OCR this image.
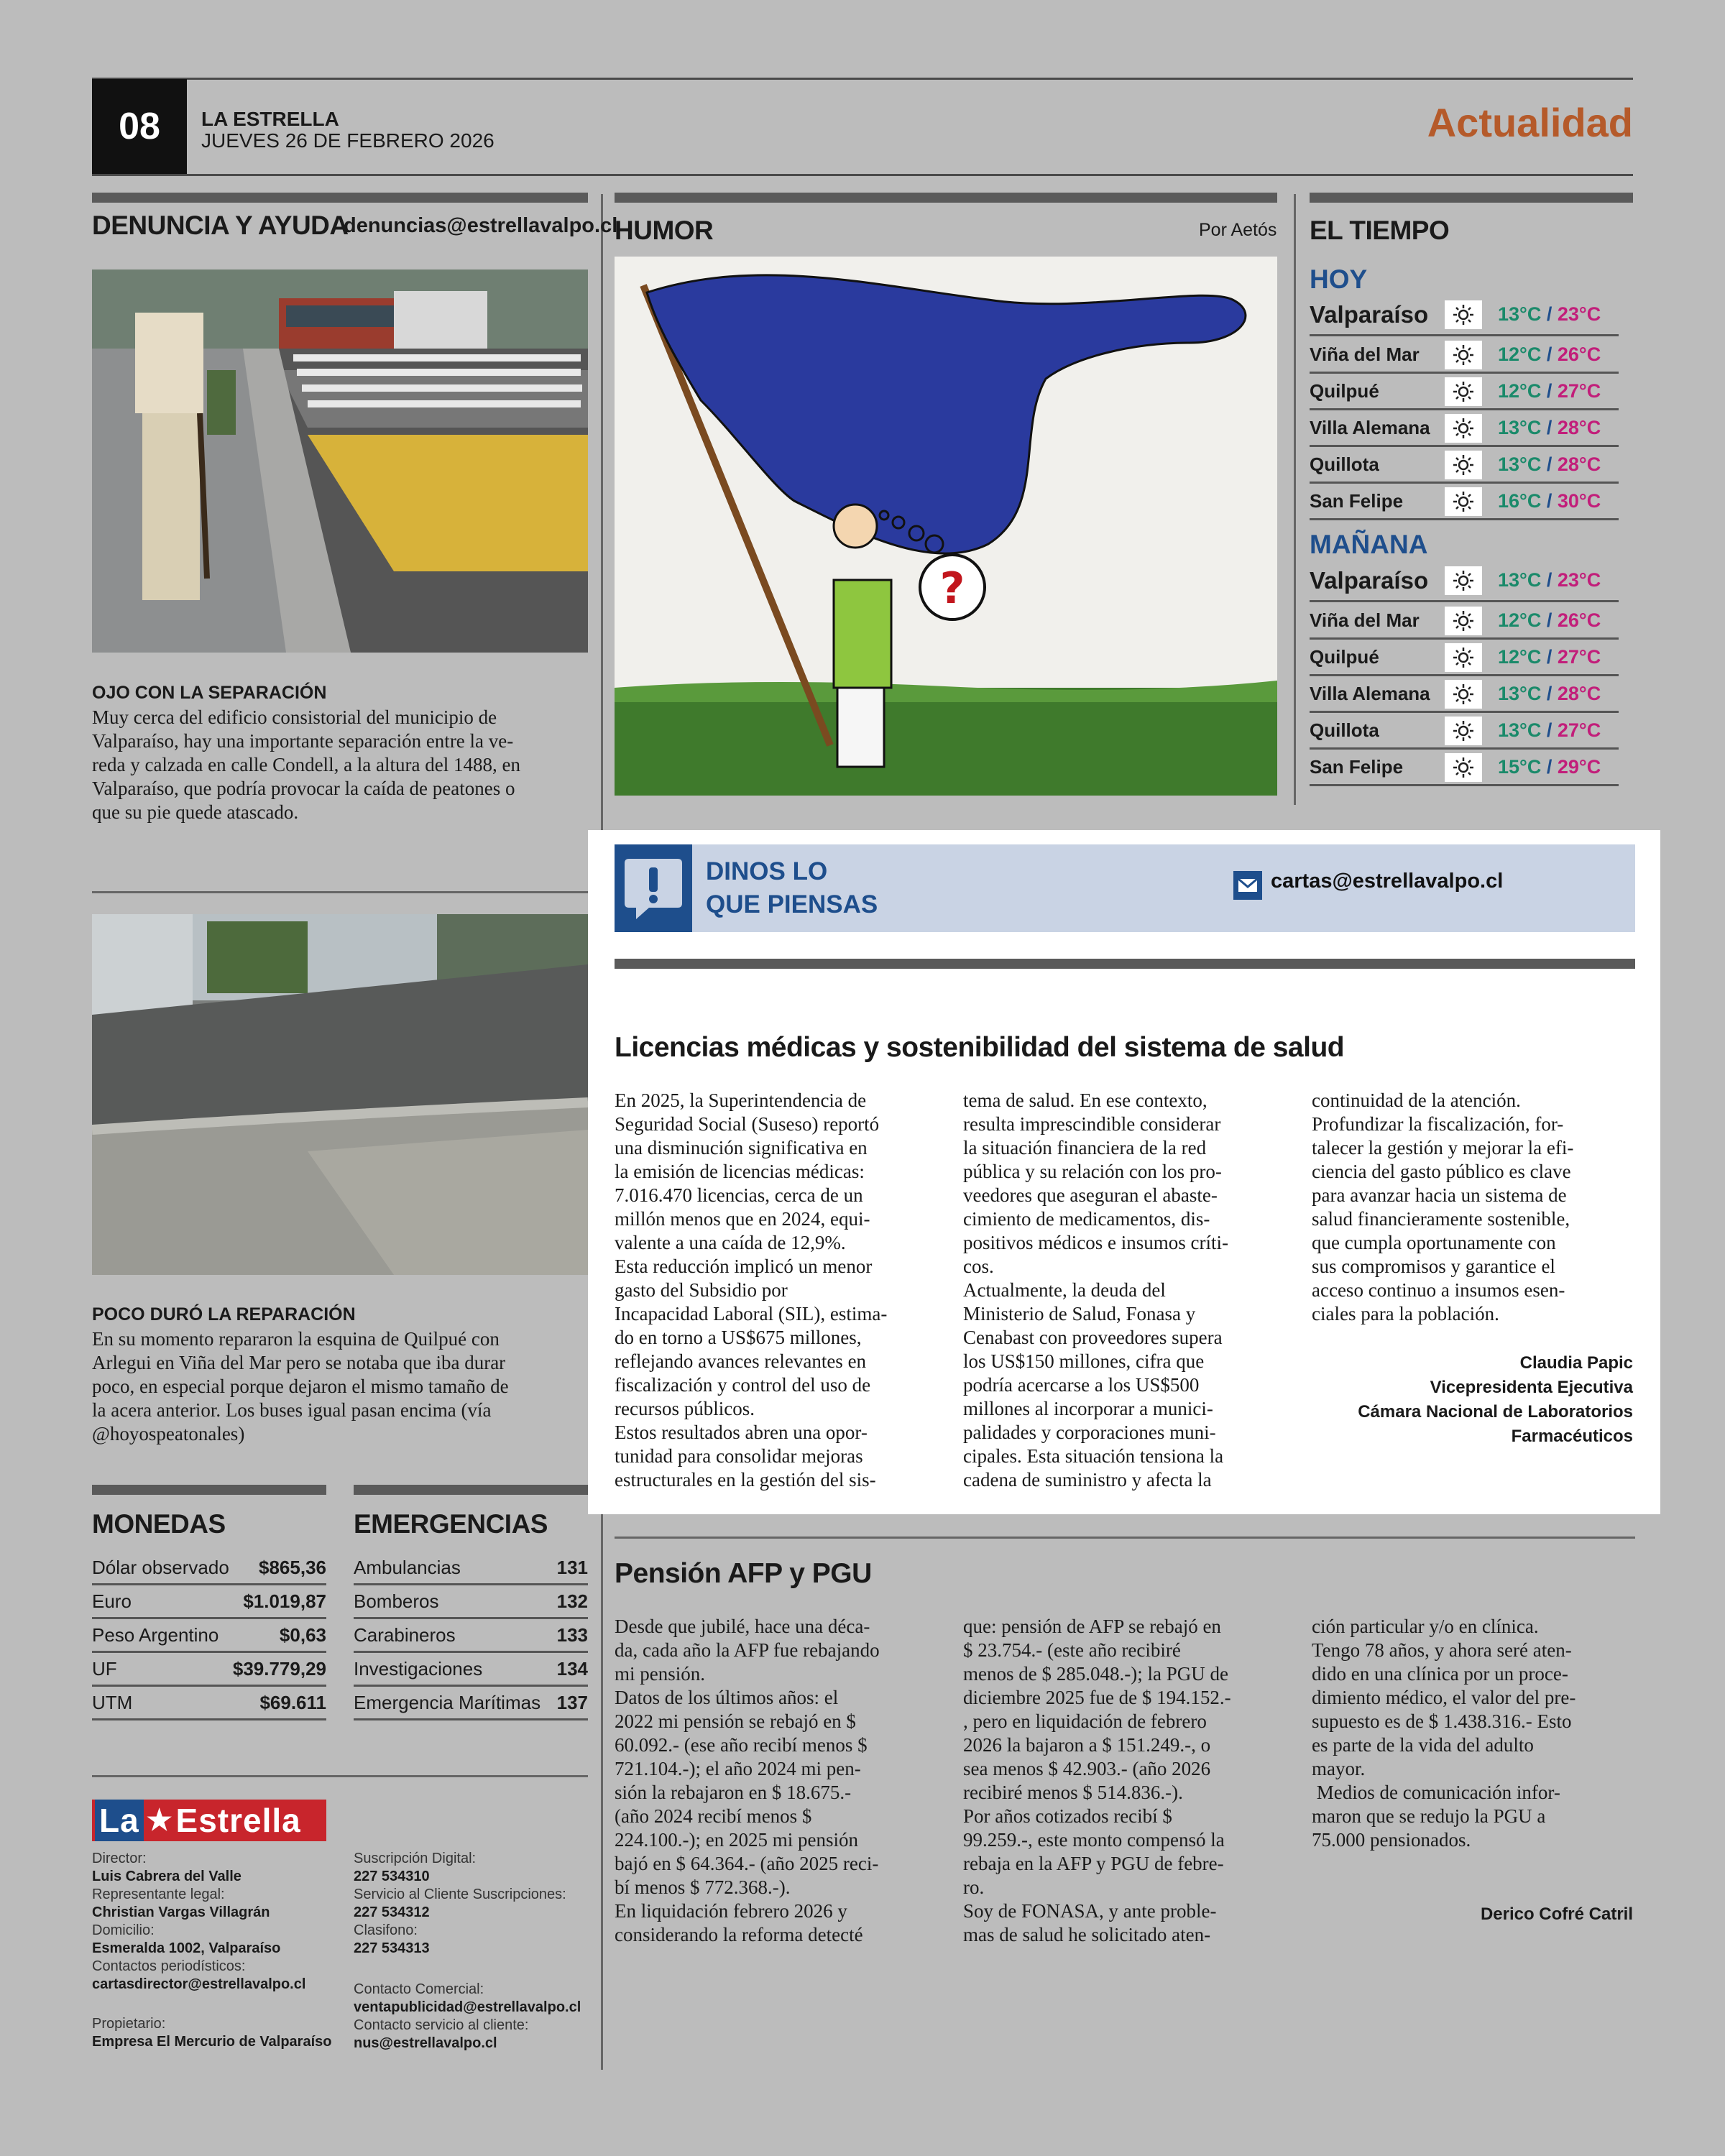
08	LA ESTRELLA
JUEVES 26 DE FEBRERO 2026	Actualidad
DENUNCIA Y AYUDA
denuncias@estrellavalpo.cl
OJO CON LA SEPARACIÓN
Muy cerca del edificio consistorial del municipio de
Valparaíso, hay una importante separación entre la ve-
reda y calzada en calle Condell, a la altura del 1488, en
Valparaíso, que podría provocar la caída de peatones o
que su pie quede atascado.
POCO DURÓ LA REPARACIÓN
En su momento repararon la esquina de Quilpué con
Arlegui en Viña del Mar pero se notaba que iba durar
poco, en especial porque dejaron el mismo tamaño de
la acera anterior. Los buses igual pasan encima (vía
@hoyospeatonales)
HUMOR	Por Aetós
?
EL TIEMPO
HOY
MAÑANA
Valparaíso	13°C / 23°C
Viña del Mar	12°C / 26°C
Quilpué	12°C / 27°C
Villa Alemana	13°C / 28°C
Quillota	13°C / 28°C
San Felipe	16°C / 30°C
Valparaíso	13°C / 23°C
Viña del Mar	12°C / 26°C
Quilpué	12°C / 27°C
Villa Alemana	13°C / 28°C
Quillota	13°C / 27°C
San Felipe	15°C / 29°C
DINOS LO
QUE PIENSAS
cartas@estrellavalpo.cl
Licencias médicas y sostenibilidad del sistema de salud
En 2025, la Superintendencia de
Seguridad Social (Suseso) reportó
una disminución significativa en
la emisión de licencias médicas:
7.016.470 licencias, cerca de un
millón menos que en 2024, equi-
valente a una caída de 12,9%.
Esta reducción implicó un menor
gasto del Subsidio por
Incapacidad Laboral (SIL), estima-
do en torno a US$675 millones,
reflejando avances relevantes en
fiscalización y control del uso de
recursos públicos.
Estos resultados abren una opor-
tunidad para consolidar mejoras
estructurales en la gestión del sis-
tema de salud. En ese contexto,
resulta imprescindible considerar
la situación financiera de la red
pública y su relación con los pro-
veedores que aseguran el abaste-
cimiento de medicamentos, dis-
positivos médicos e insumos críti-
cos.
Actualmente, la deuda del
Ministerio de Salud, Fonasa y
Cenabast con proveedores supera
los US$150 millones, cifra que
podría acercarse a los US$500
millones al incorporar a munici-
palidades y corporaciones muni-
cipales. Esta situación tensiona la
cadena de suministro y afecta la
continuidad de la atención.
Profundizar la fiscalización, for-
talecer la gestión y mejorar la efi-
ciencia del gasto público es clave
para avanzar hacia un sistema de
salud financieramente sostenible,
que cumpla oportunamente con
sus compromisos y garantice el
acceso continuo a insumos esen-
ciales para la población.
Claudia Papic
Vicepresidenta Ejecutiva
Cámara Nacional de Laboratorios
Farmacéuticos
Pensión AFP y PGU
Desde que jubilé, hace una déca-
da, cada año la AFP fue rebajando
mi pensión.
Datos de los últimos años: el
2022 mi pensión se rebajó en $
60.092.- (ese año recibí menos $
721.104.-); el año 2024 mi pen-
sión la rebajaron en $ 18.675.-
(año 2024 recibí menos $
224.100.-); en 2025 mi pensión
bajó en $ 64.364.- (año 2025 reci-
bí menos $ 772.368.-).
En liquidación febrero 2026 y
considerando la reforma detecté
que: pensión de AFP se rebajó en
$ 23.754.- (este año recibiré
menos de $ 285.048.-); la PGU de
diciembre 2025 fue de $ 194.152.-
, pero en liquidación de febrero
2026 la bajaron a $ 151.249.-, o
sea menos $ 42.903.- (año 2026
recibiré menos $ 514.836.-).
Por años cotizados recibí $
99.259.-, este monto compensó la
rebaja en la AFP y PGU de febre-
ro.
Soy de FONASA, y ante proble-
mas de salud he solicitado aten-
ción particular y/o en clínica.
Tengo 78 años, y ahora seré aten-
dido en una clínica por un proce-
dimiento médico, el valor del pre-
supuesto es de $ 1.438.316.- Esto
es parte de la vida del adulto
mayor.
Medios de comunicación infor-
maron que se redujo la PGU a
75.000 pensionados.
Derico Cofré Catril
MONEDAS
Dólar observado $865,36
Euro	$1.019,87
Peso Argentino	$0,63
UF	$39.779,29
UTM	$69.611
EMERGENCIAS
Ambulancias	131
Bomberos	132
Carabineros	133
Investigaciones	134
Emergencia Marítimas 137
La ★ Estrella
Director:
Luis Cabrera del Valle
Representante legal:
Christian Vargas Villagrán
Domicilio:
Esmeralda 1002, Valparaíso
Contactos periodísticos:
cartasdirector@estrellavalpo.cl
Propietario:
Empresa El Mercurio de Valparaíso
Suscripción Digital:
227 534310
Servicio al Cliente Suscripciones:
227 534312
Clasifono:
227 534313
Contacto Comercial:
ventapublicidad@estrellavalpo.cl
Contacto servicio al cliente:
nus@estrellavalpo.cl
